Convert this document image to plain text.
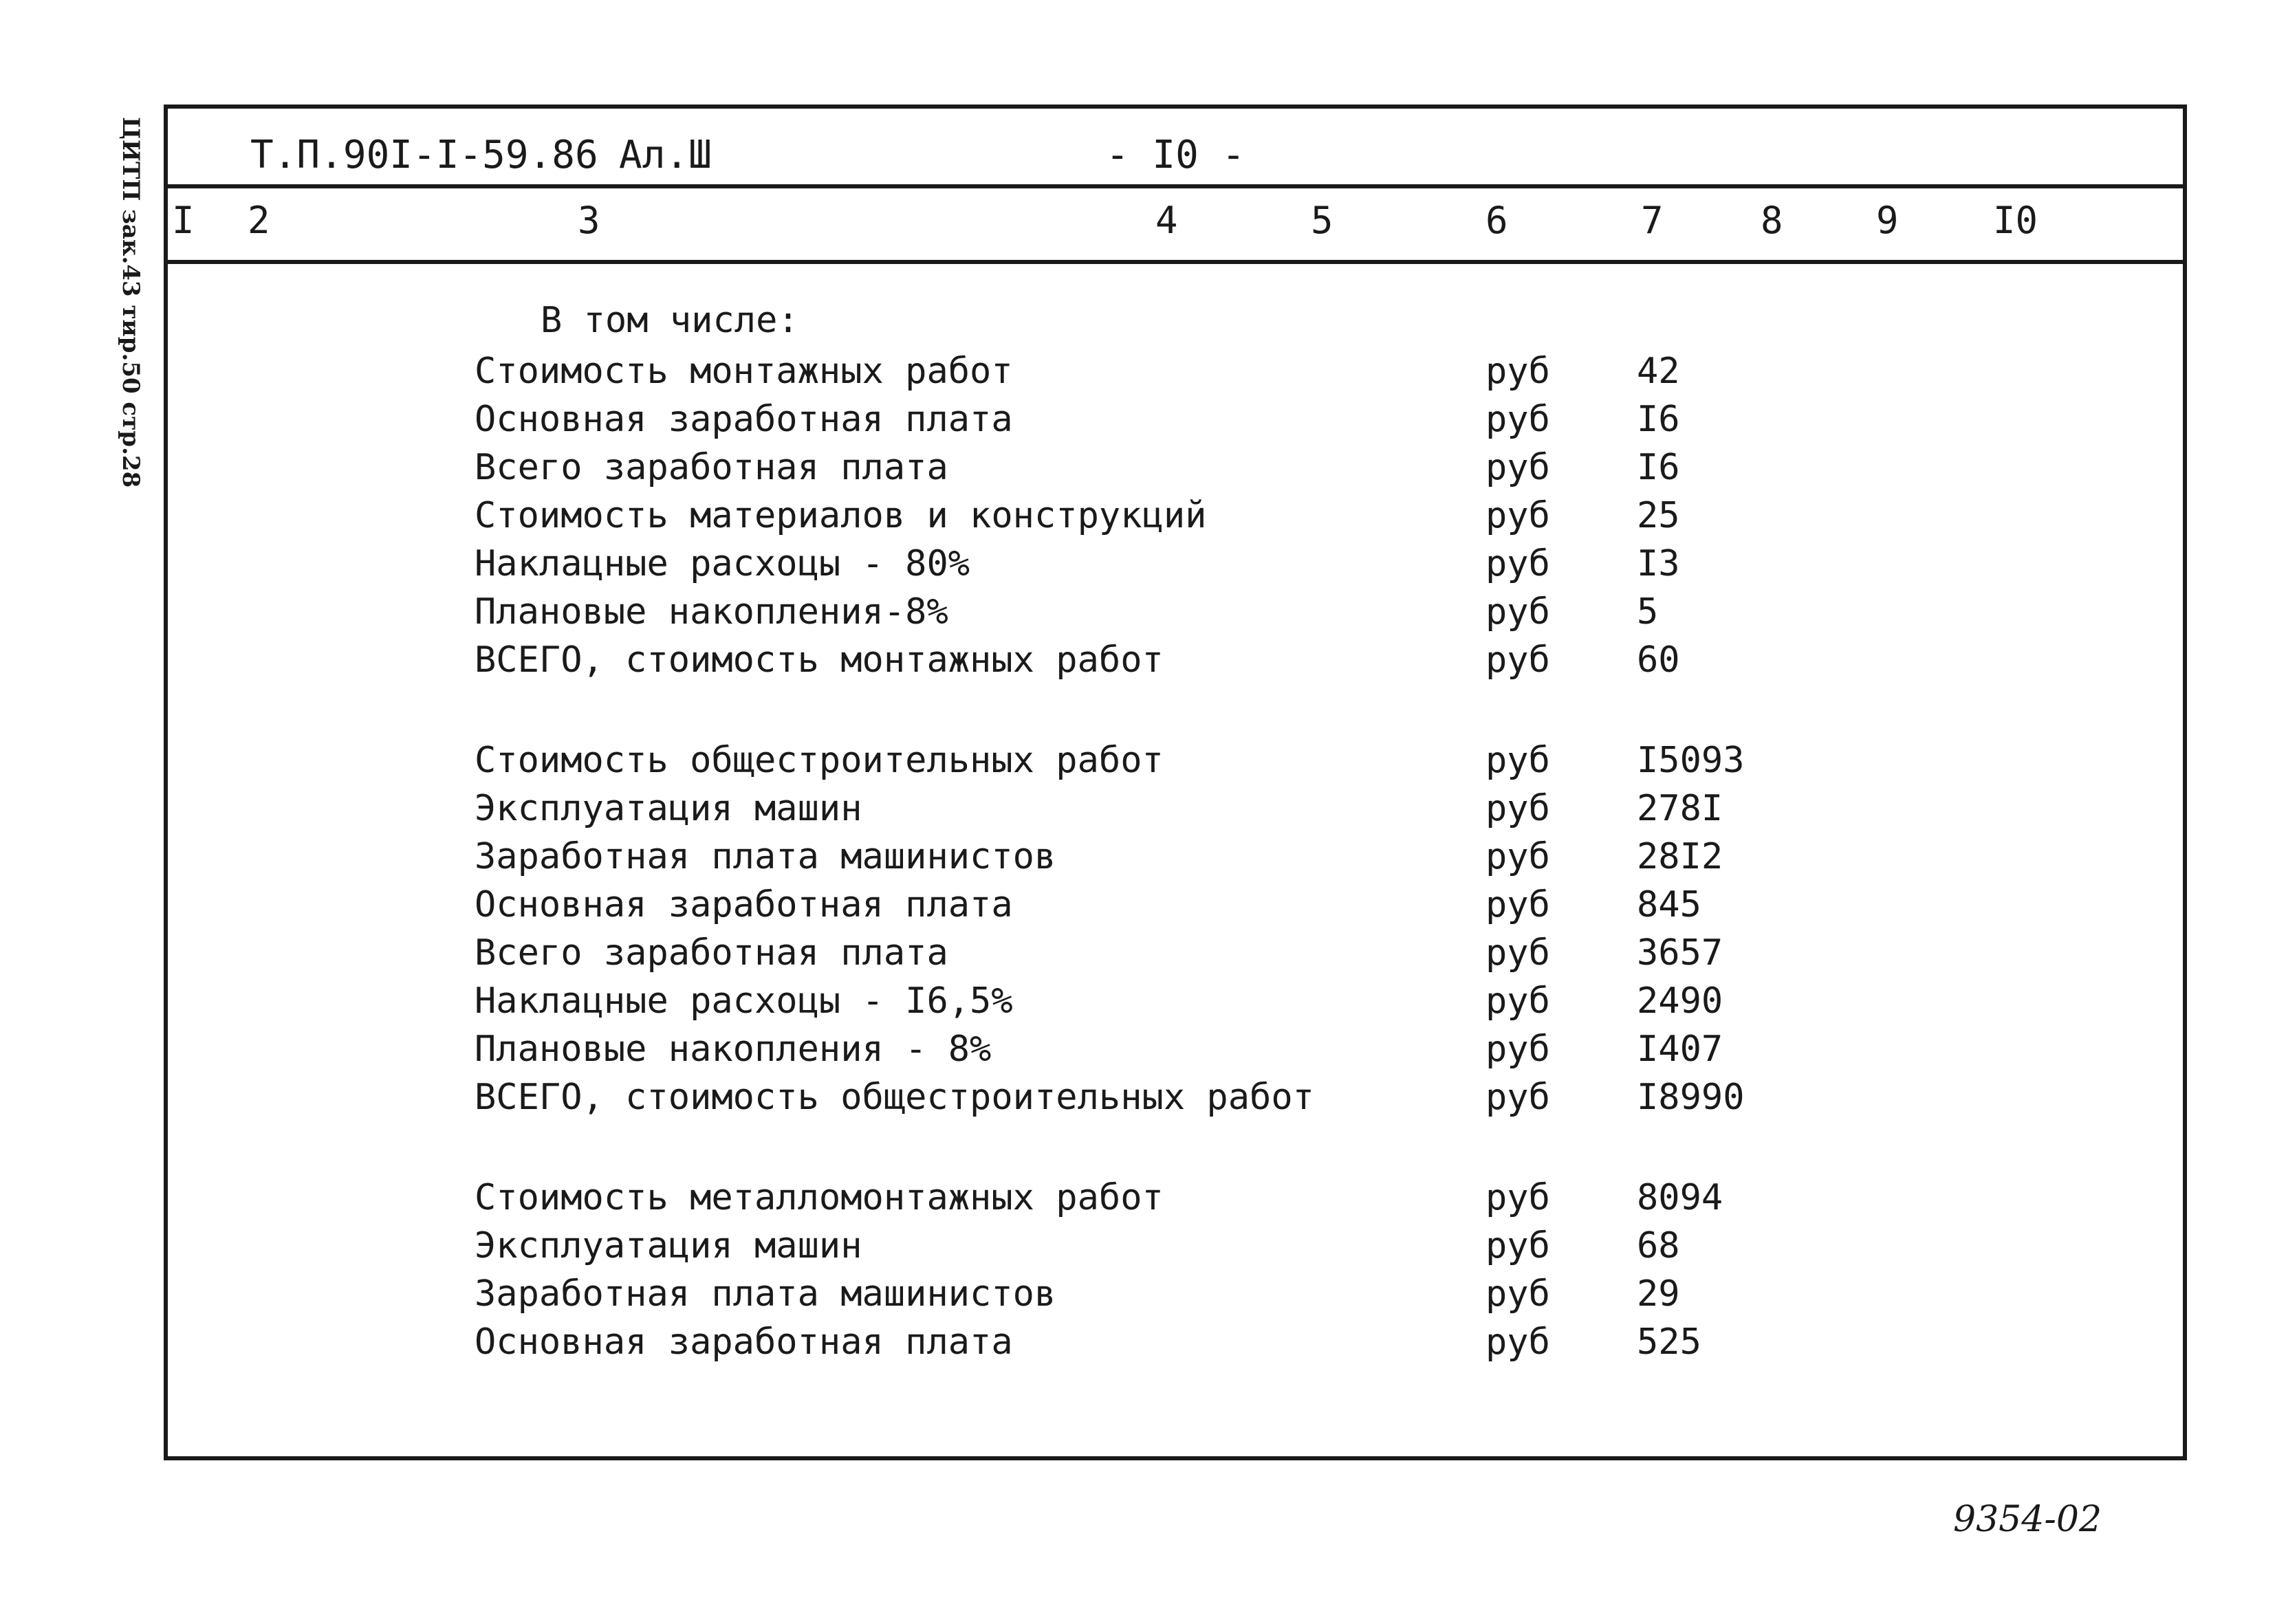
ЦИТП зак.43 тир.50 стр.28	Т.П.90I-I-59.86 Ал.Ш	- I0 -
I 2	3	4	5	6	7	8	9	I0
В том числе:
Стоимость монтажных работ	руб 42
Основная заработная плата	руб I6
Всего заработная плата	руб I6
Стоимость материалов и конструкций	руб 25
Наклацные расхоцы - 80%	руб I3
Плановые накопления-8%	руб 5
ВСЕГО, стоимость монтажных работ	руб 60
Стоимость общестроительных работ	руб I5093
Эксплуатация машин	руб 278I
Заработная плата машинистов	руб 28I2
Основная заработная плата	руб 845
Всего заработная плата	руб 3657
Наклацные расхоцы - I6,5%	руб 2490
Плановые накопления - 8%	руб I407
ВСЕГО, стоимость общестроительных работ	руб I8990
Стоимость металломонтажных работ	руб 8094
Эксплуатация машин	руб 68
Заработная плата машинистов	руб 29
Основная заработная плата	руб 525
9354-02
